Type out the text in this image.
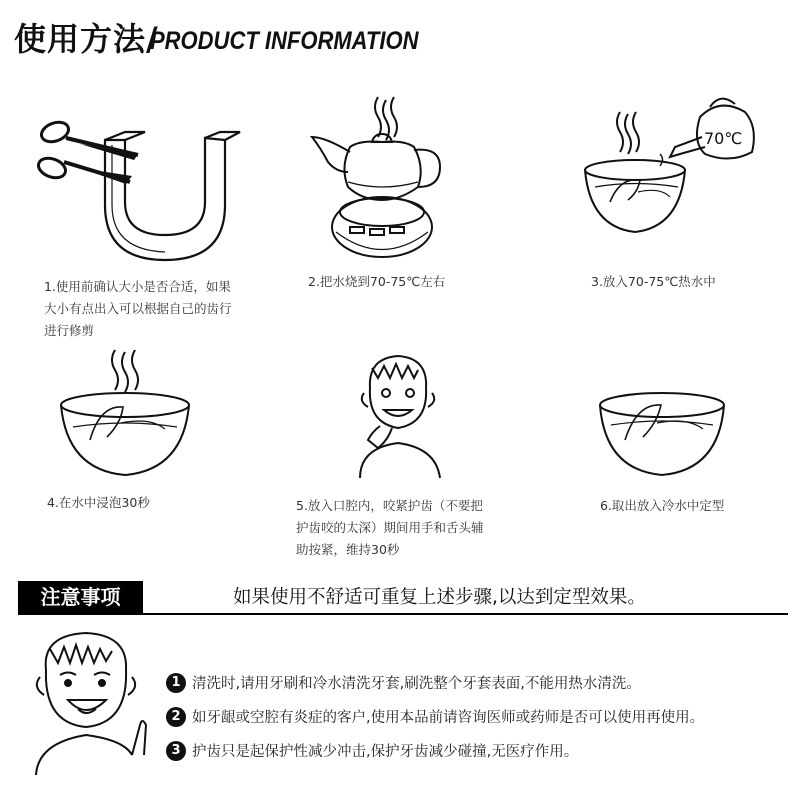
使用方法/
PRODUCT INFORMATION
70℃
1.使用前确认大小是否合适，如果
大小有点出入可以根据自己的齿行
进行修剪
2.把水烧到70-75℃左右	3.放入70-75℃热水中
4.在水中浸泡30秒	5.放入口腔内，咬紧护齿（不要把
护齿咬的太深）期间用手和舌头辅
助按紧，维持30秒
6.取出放入冷水中定型
注意事项	如果使用不舒适可重复上述步骤,以达到定型效果。
1 清洗时,请用牙刷和冷水清洗牙套,刷洗整个牙套表面,不能用热水清洗。
2 如牙龈或空腔有炎症的客户,使用本品前请咨询医师或药师是否可以使用再使用。
3 护齿只是起保护性减少冲击,保护牙齿减少碰撞,无医疗作用。
